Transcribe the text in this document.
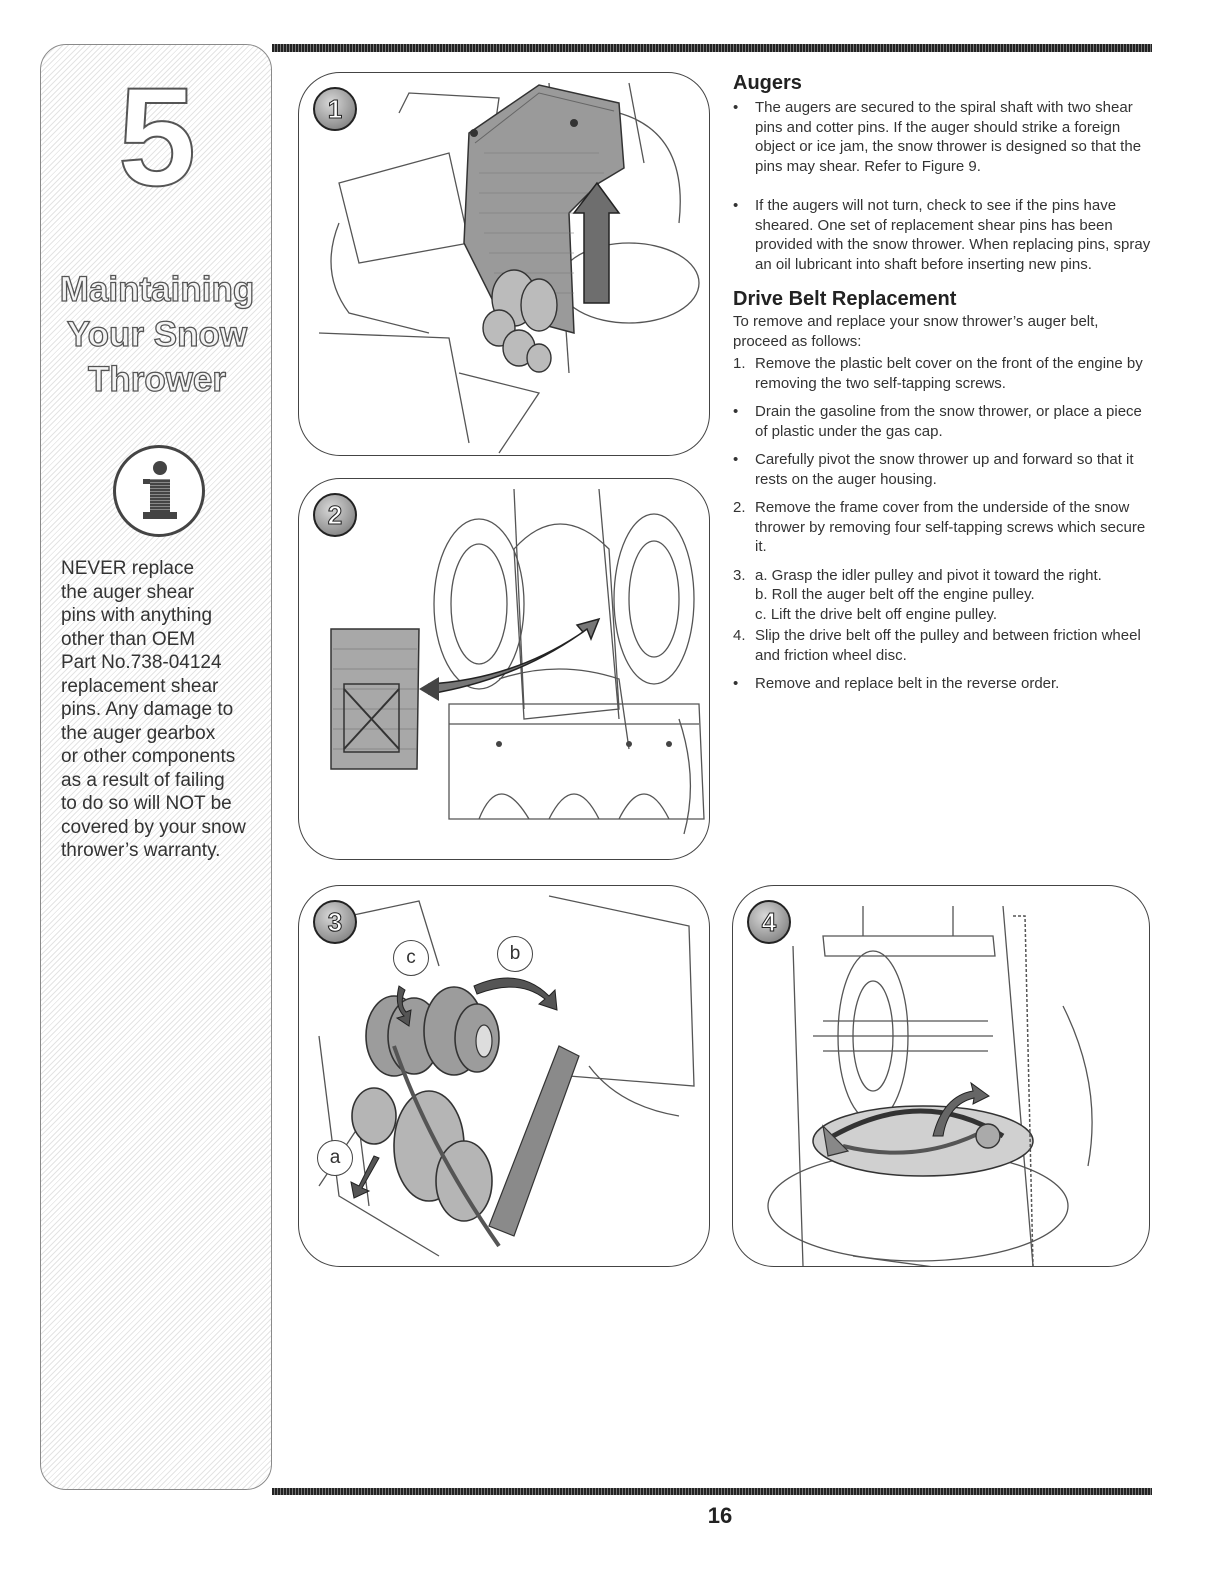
5
Maintaining
Your Snow
Thrower
NEVER replace
the auger shear
pins with anything
other than OEM
Part No.738-04124
replacement shear
pins. Any damage to
the auger gearbox
or other components
as a result of failing
to do so will NOT be
covered by your snow
thrower’s warranty.
1
2
3
c	b
a
4
Augers
•	The augers are secured to the spiral shaft with two shear pins and cotter pins. If the auger should strike a foreign object or ice jam, the snow thrower is designed so that the pins may shear. Refer to Figure 9.
•	If the augers will not turn, check to see if the pins have sheared. One set of replacement shear pins has been provided with the snow thrower. When replacing pins, spray an oil lubricant into shaft before inserting new pins.
Drive Belt Replacement

To remove and replace your snow thrower’s auger belt, proceed as follows:

1. Remove the plastic belt cover on the front of the engine by removing the two self-tapping screws.
•	Drain the gasoline from the snow thrower, or place a piece of plastic under the gas cap.
•	Carefully pivot the snow thrower up and forward so that it rests on the auger housing.
2. Remove the frame cover from the underside of the snow thrower by removing four self-tapping screws which secure it.
3. a. Grasp the idler pulley and pivot it toward the right.
b. Roll the auger belt off the engine pulley.
c. Lift the drive belt off engine pulley.
4. Slip the drive belt off the pulley and between friction wheel and friction wheel disc.
•	Remove and replace belt in the reverse order.
16
